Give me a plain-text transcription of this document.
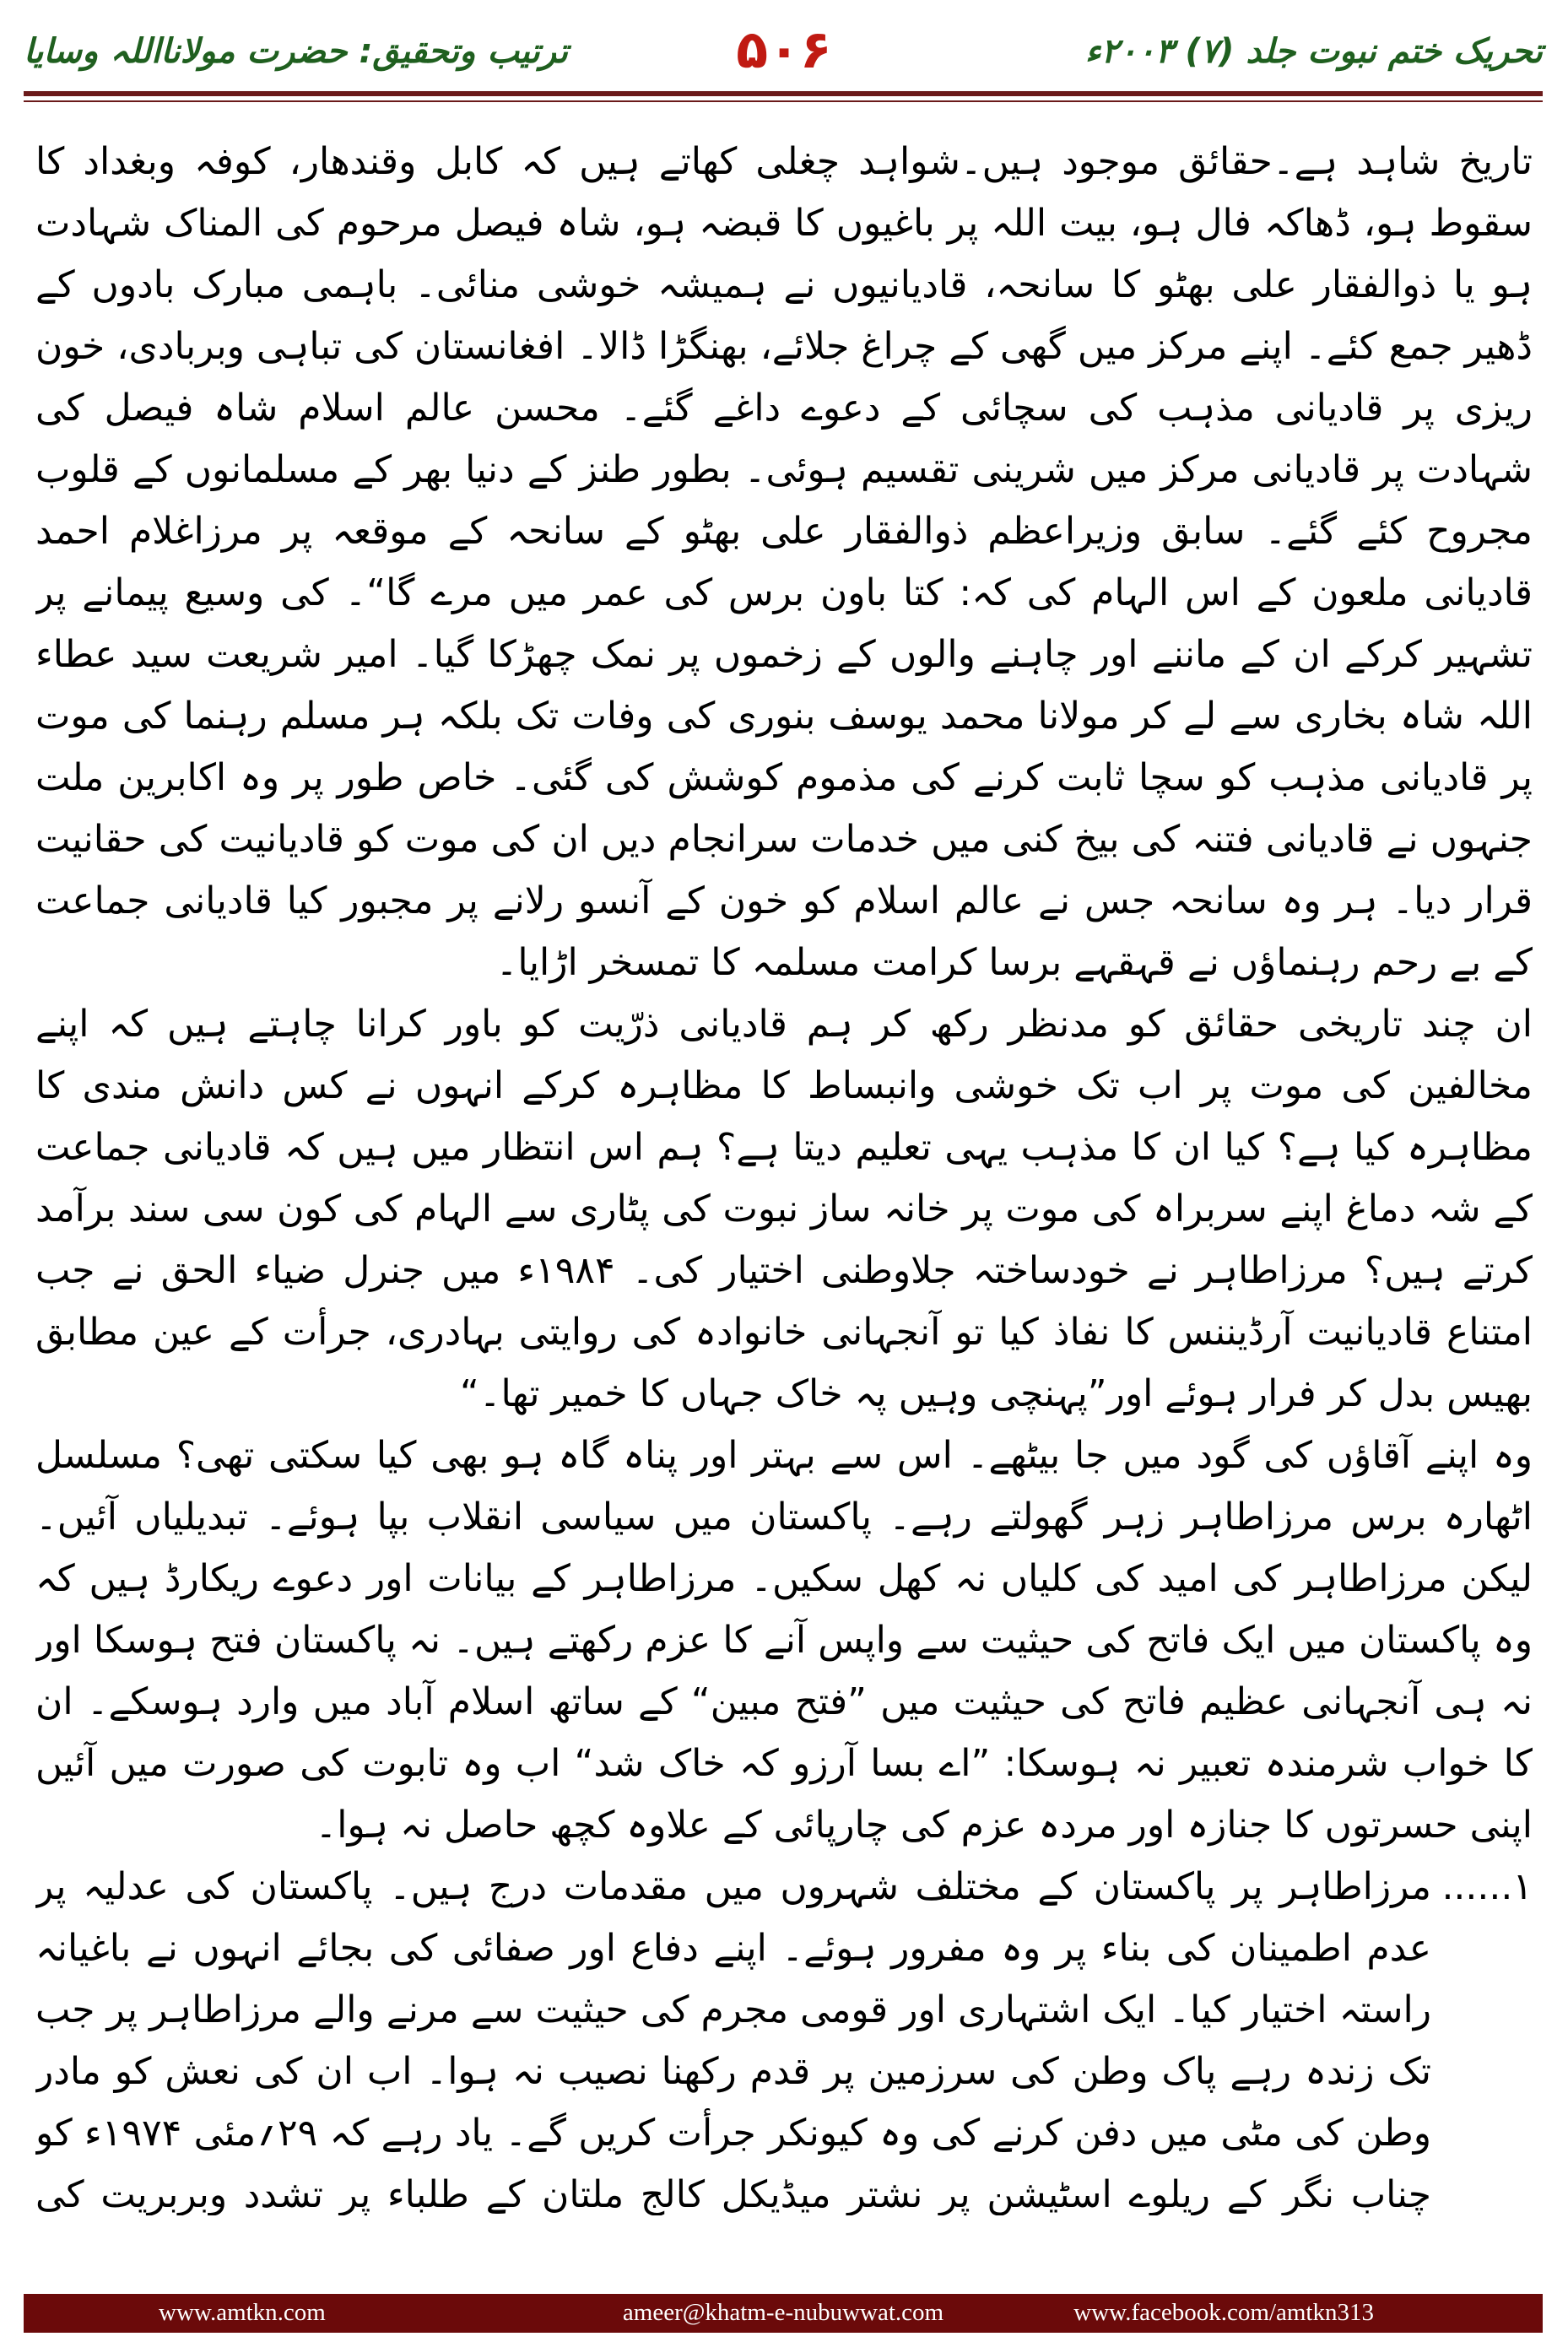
تحریک ختم نبوت جلد (۷) ۲۰۰۳ء
۵۰۶
ترتیب وتحقیق: حضرت مولانااللہ وسایا

تاریخ شاہد ہے۔حقائق موجود ہیں۔شواہد چغلی کھاتے ہیں کہ کابل وقندھار، کوفہ وبغداد کا سقوط ہو، ڈھاکہ فال ہو، بیت اللہ پر باغیوں کا قبضہ ہو، شاہ فیصل مرحوم کی المناک شہادت ہو یا ذوالفقار علی بھٹو کا سانحہ، قادیانیوں نے ہمیشہ خوشی منائی۔ باہمی مبارک بادوں کے ڈھیر جمع کئے۔ اپنے مرکز میں گھی کے چراغ جلائے، بھنگڑا ڈالا۔ افغانستان کی تباہی وبربادی، خون ریزی پر قادیانی مذہب کی سچائی کے دعوے داغے گئے۔ محسن عالم اسلام شاہ فیصل کی شہادت پر قادیانی مرکز میں شرینی تقسیم ہوئی۔ بطور طنز کے دنیا بھر کے مسلمانوں کے قلوب مجروح کئے گئے۔ سابق وزیراعظم ذوالفقار علی بھٹو کے سانحہ کے موقعہ پر مرزاغلام احمد قادیانی ملعون کے اس الہام کی کہ: کتا باون برس کی عمر میں مرے گا“۔ کی وسیع پیمانے پر تشہیر کرکے ان کے ماننے اور چاہنے والوں کے زخموں پر نمک چھڑکا گیا۔ امیر شریعت سید عطاء اللہ شاہ بخاری سے لے کر مولانا محمد یوسف بنوری کی وفات تک بلکہ ہر مسلم رہنما کی موت پر قادیانی مذہب کو سچا ثابت کرنے کی مذموم کوشش کی گئی۔ خاص طور پر وہ اکابرین ملت جنہوں نے قادیانی فتنہ کی بیخ کنی میں خدمات سرانجام دیں ان کی موت کو قادیانیت کی حقانیت قرار دیا۔ ہر وہ سانحہ جس نے عالم اسلام کو خون کے آنسو رلانے پر مجبور کیا قادیانی جماعت کے بے رحم رہنماؤں نے قہقہے برسا کرامت مسلمہ کا تمسخر اڑایا۔

ان چند تاریخی حقائق کو مدنظر رکھ کر ہم قادیانی ذرّیت کو باور کرانا چاہتے ہیں کہ اپنے مخالفین کی موت پر اب تک خوشی وانبساط کا مظاہرہ کرکے انہوں نے کس دانش مندی کا مظاہرہ کیا ہے؟ کیا ان کا مذہب یہی تعلیم دیتا ہے؟ ہم اس انتظار میں ہیں کہ قادیانی جماعت کے شہ دماغ اپنے سربراہ کی موت پر خانہ ساز نبوت کی پٹاری سے الہام کی کون سی سند برآمد کرتے ہیں؟ مرزاطاہر نے خودساختہ جلاوطنی اختیار کی۔ ۱۹۸۴ء میں جنرل ضیاء الحق نے جب امتناع قادیانیت آرڈیننس کا نفاذ کیا تو آنجہانی خانوادہ کی روایتی بہادری، جرأت کے عین مطابق بھیس بدل کر فرار ہوئے اور”پہنچی وہیں پہ خاک جہاں کا خمیر تھا۔“

وہ اپنے آقاؤں کی گود میں جا بیٹھے۔ اس سے بہتر اور پناہ گاہ ہو بھی کیا سکتی تھی؟ مسلسل اٹھارہ برس مرزاطاہر زہر گھولتے رہے۔ پاکستان میں سیاسی انقلاب بپا ہوئے۔ تبدیلیاں آئیں۔ لیکن مرزاطاہر کی امید کی کلیاں نہ کھل سکیں۔ مرزاطاہر کے بیانات اور دعوے ریکارڈ ہیں کہ وہ پاکستان میں ایک فاتح کی حیثیت سے واپس آنے کا عزم رکھتے ہیں۔ نہ پاکستان فتح ہوسکا اور نہ ہی آنجہانی عظیم فاتح کی حیثیت میں ”فتح مبین“ کے ساتھ اسلام آباد میں وارد ہوسکے۔ ان کا خواب شرمندہ تعبیر نہ ہوسکا: ”اے بسا آرزو کہ خاک شد“ اب وہ تابوت کی صورت میں آئیں اپنی حسرتوں کا جنازہ اور مردہ عزم کی چارپائی کے علاوہ کچھ حاصل نہ ہوا۔

۱......
مرزاطاہر پر پاکستان کے مختلف شہروں میں مقدمات درج ہیں۔ پاکستان کی عدلیہ پر عدم اطمینان کی بناء پر وہ مفرور ہوئے۔ اپنے دفاع اور صفائی کی بجائے انہوں نے باغیانہ راستہ اختیار کیا۔ ایک اشتہاری اور قومی مجرم کی حیثیت سے مرنے والے مرزاطاہر پر جب تک زندہ رہے پاک وطن کی سرزمین پر قدم رکھنا نصیب نہ ہوا۔ اب ان کی نعش کو مادر وطن کی مٹی میں دفن کرنے کی وہ کیونکر جرأت کریں گے۔ یاد رہے کہ ۲۹؍مئی ۱۹۷۴ء کو چناب نگر کے ریلوے اسٹیشن پر نشتر میڈیکل کالج ملتان کے طلباء پر تشدد وبربریت کی
www.amtkn.com	ameer@khatm-e-nubuwwat.com	www.facebook.com/amtkn313
